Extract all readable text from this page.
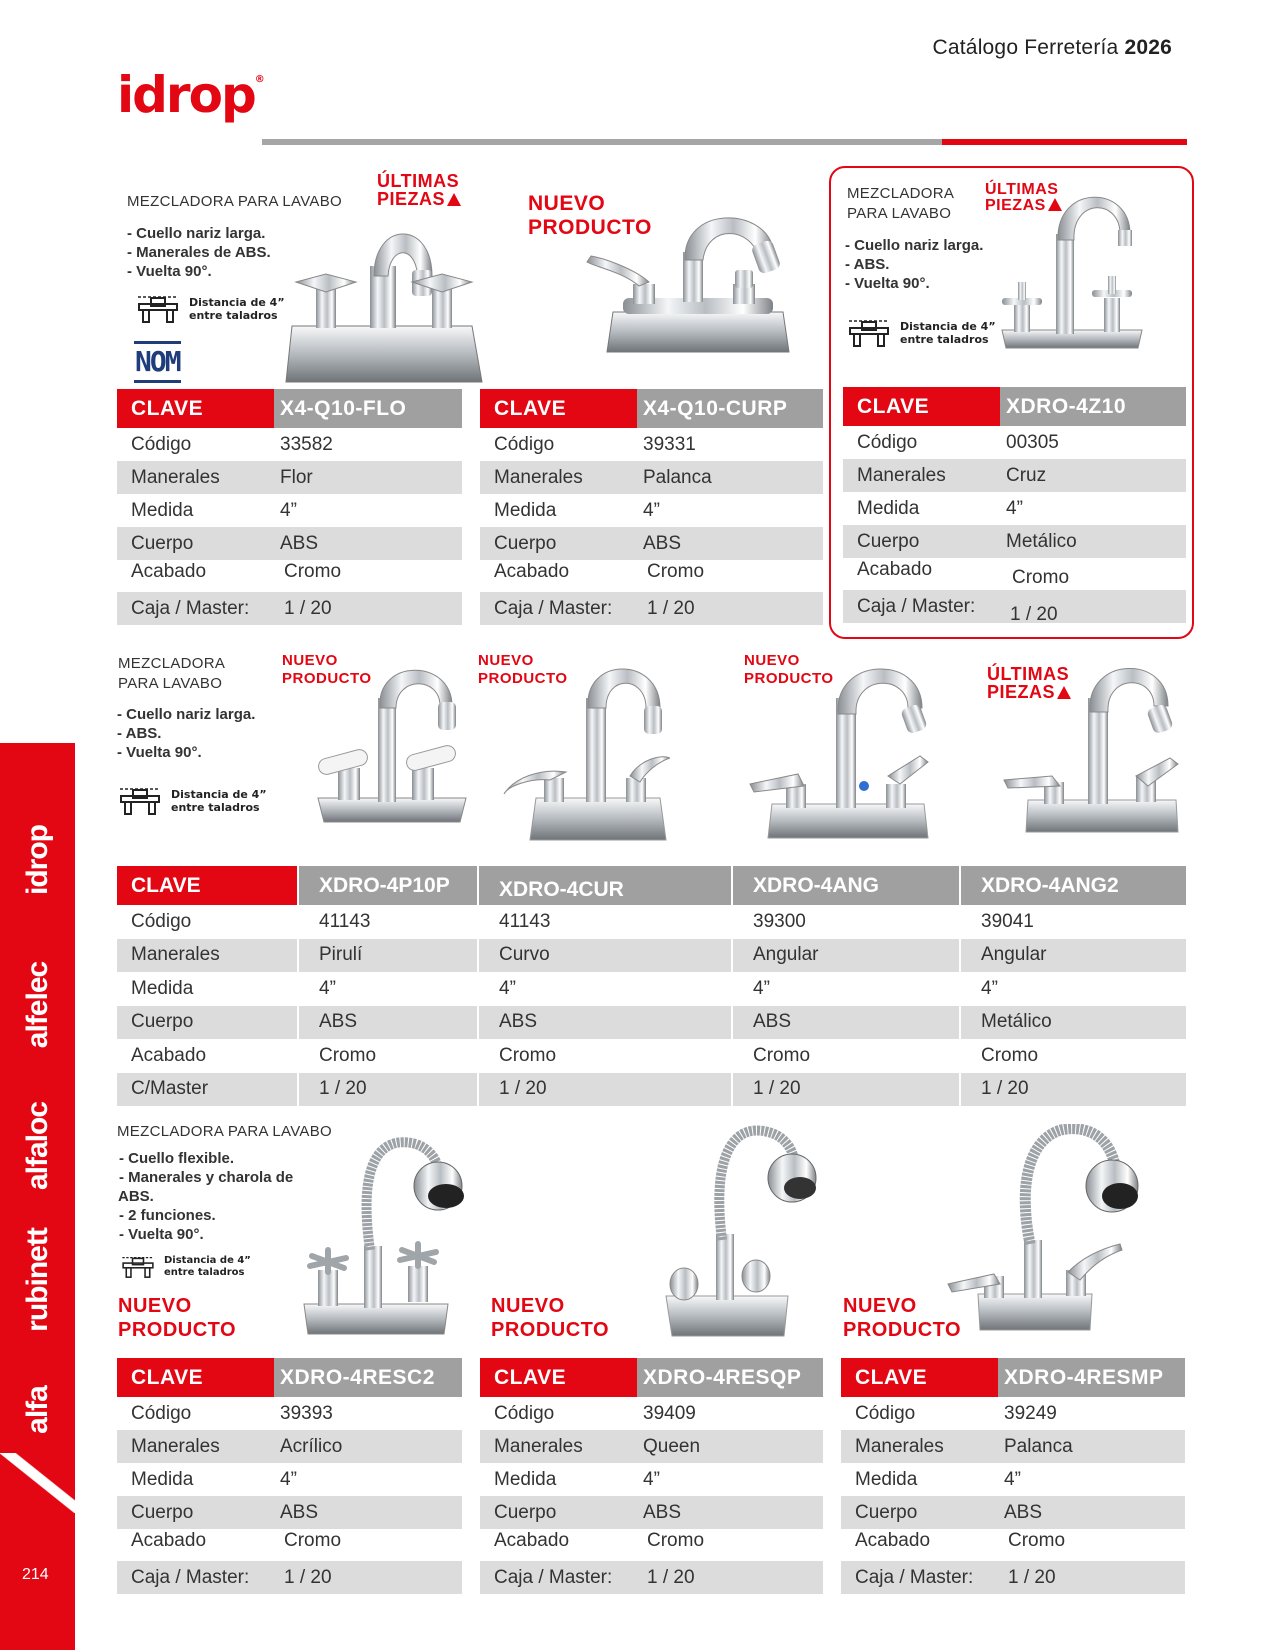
Catálogo Ferretería 2026
idrop®
idrop
alfelec
alfaloc
rubinett
alfa
214
MEZCLADORA PARA LAVABO
- Cuello nariz larga.
- Manerales de ABS.
- Vuelta 90°.
ÚLTIMAS
PIEZAS
Distancia de 4”
entre taladros
NOM
NUEVO
PRODUCTO
MEZCLADORA
PARA LAVABO
ÚLTIMAS
PIEZAS
- Cuello nariz larga.
- ABS.
- Vuelta 90°.
Distancia de 4”
entre taladros
CLAVE	X4-Q10-FLO
Código	33582
Manerales	Flor
Medida	4”
Cuerpo	ABS
Acabado	Cromo
Caja / Master:	1 / 20
CLAVE	X4-Q10-CURP
Código	39331
Manerales	Palanca
Medida	4”
Cuerpo	ABS
Acabado	Cromo
Caja / Master:	1 / 20
CLAVE	XDRO-4Z10
Código	00305
Manerales	Cruz
Medida	4”
Cuerpo	Metálico
Acabado	Cromo
Caja / Master:	1 / 20
MEZCLADORA
PARA LAVABO
- Cuello nariz larga.
- ABS.
- Vuelta 90°.
Distancia de 4”
entre taladros
NUEVO
PRODUCTO
NUEVO
PRODUCTO
NUEVO
PRODUCTO	ÚLTIMAS
PIEZAS
CLAVE	XDRO-4P10P	XDRO-4CUR	XDRO-4ANG	XDRO-4ANG2
Código	41143	41143	39300	39041
Manerales	Pirulí	Curvo	Angular	Angular
Medida	4”	4”	4”	4”
Cuerpo	ABS	ABS	ABS	Metálico
Acabado	Cromo	Cromo	Cromo	Cromo
C/Master	1 / 20	1 / 20	1 / 20	1 / 20
MEZCLADORA PARA LAVABO
- Cuello flexible.
- Manerales y charola de
ABS.
- 2 funciones.
- Vuelta 90°.
Distancia de 4”
entre taladros
NUEVO
PRODUCTO
NUEVO
PRODUCTO
NUEVO
PRODUCTO
CLAVE	XDRO-4RESC2
Código	39393
Manerales	Acrílico
Medida	4”
Cuerpo	ABS
Acabado	Cromo
Caja / Master:	1 / 20
CLAVE	XDRO-4RESQP
Código	39409
Manerales	Queen
Medida	4”
Cuerpo	ABS
Acabado	Cromo
Caja / Master:	1 / 20
CLAVE	XDRO-4RESMP
Código	39249
Manerales	Palanca
Medida	4”
Cuerpo	ABS
Acabado	Cromo
Caja / Master:	1 / 20
